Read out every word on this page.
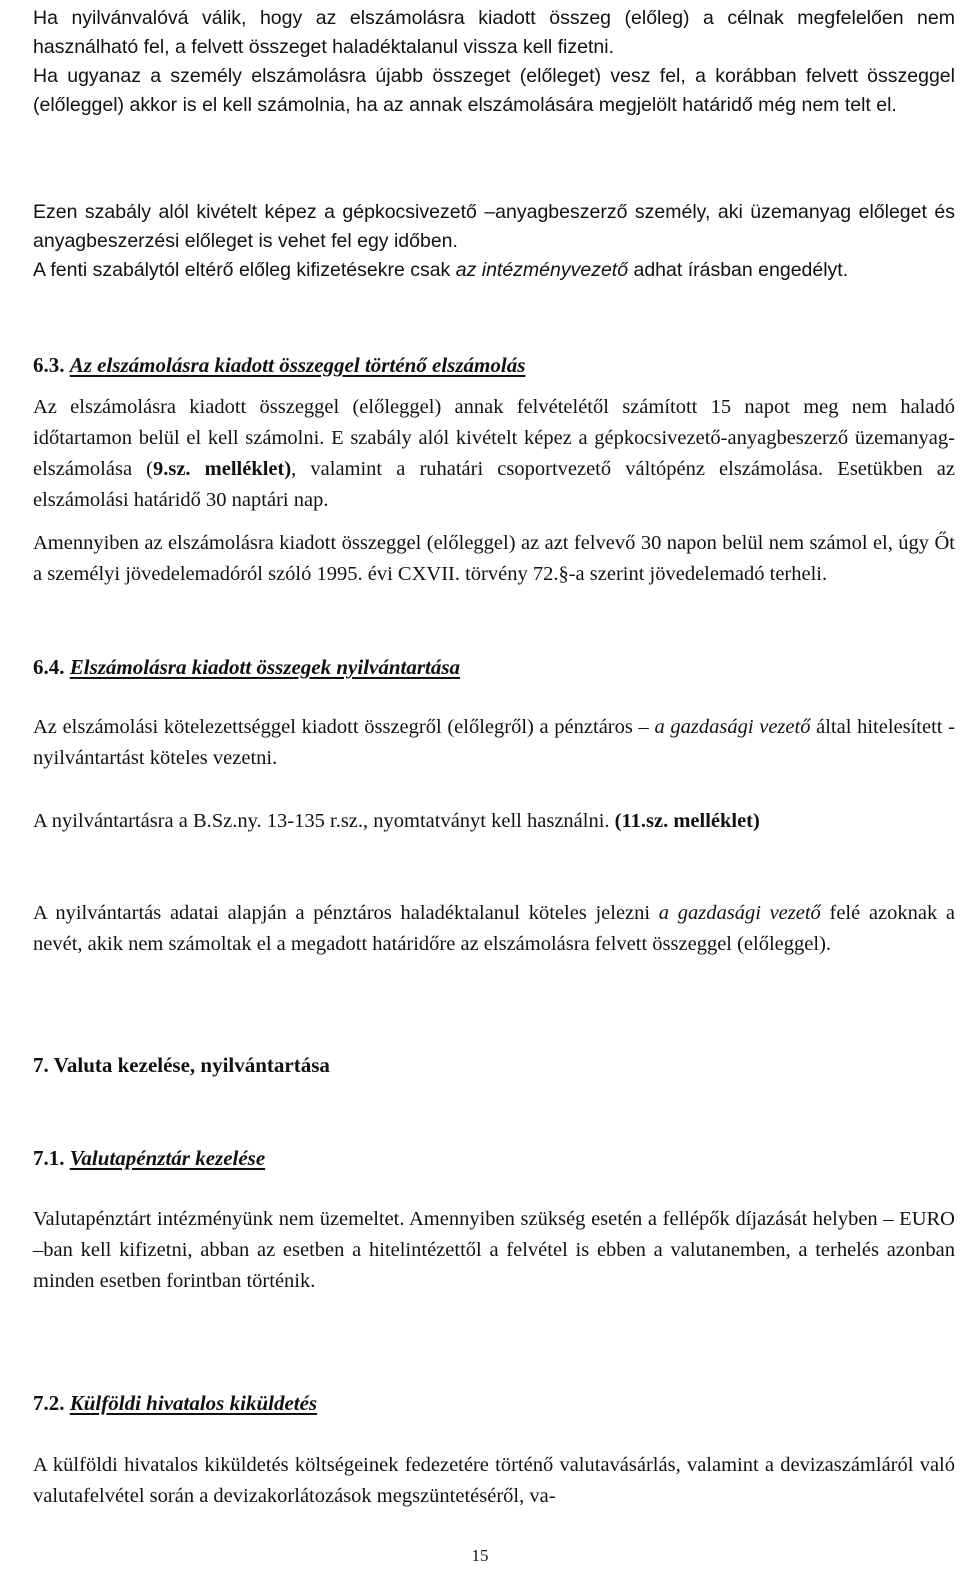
Ha nyilvánvalóvá válik, hogy az elszámolásra kiadott összeg (előleg) a célnak megfelelően nem használható fel, a felvett összeget haladéktalanul vissza kell fizetni.

Ha ugyanaz a személy elszámolásra újabb összeget (előleget) vesz fel, a korábban felvett összeggel (előleggel) akkor is el kell számolnia, ha az annak elszámolására megjelölt határidő még nem telt el.

Ezen szabály alól kivételt képez a gépkocsivezető –anyagbeszerző személy, aki üzemanyag előleget és anyagbeszerzési előleget is vehet fel egy időben.

A fenti szabálytól eltérő előleg kifizetésekre csak az intézményvezető adhat írásban engedélyt.

6.3. Az elszámolásra kiadott összeggel történő elszámolás

Az elszámolásra kiadott összeggel (előleggel) annak felvételétől számított 15 napot meg nem haladó időtartamon belül el kell számolni. E szabály alól kivételt képez a gépkocsivezető-anyagbeszerző üzemanyag-elszámolása (9.sz. melléklet), valamint a ruhatári csoportvezető váltópénz elszámolása. Esetükben az elszámolási határidő 30 naptári nap.

Amennyiben az elszámolásra kiadott összeggel (előleggel) az azt felvevő 30 napon belül nem számol el, úgy Őt a személyi jövedelemadóról szóló 1995. évi CXVII. törvény 72.§-a szerint jövedelemadó terheli.

6.4. Elszámolásra kiadott összegek nyilvántartása

Az elszámolási kötelezettséggel kiadott összegről (előlegről) a pénztáros – a gazdasági vezető által hitelesített - nyilvántartást köteles vezetni.

A nyilvántartásra a B.Sz.ny. 13-135 r.sz., nyomtatványt kell használni. (11.sz. melléklet)

A nyilvántartás adatai alapján a pénztáros haladéktalanul köteles jelezni a gazdasági vezető felé azoknak a nevét, akik nem számoltak el a megadott határidőre az elszámolásra felvett összeggel (előleggel).

7. Valuta kezelése, nyilvántartása

7.1. Valutapénztár kezelése

Valutapénztárt intézményünk nem üzemeltet. Amennyiben szükség esetén a fellépők díjazását helyben – EURO –ban kell kifizetni, abban az esetben a hitelintézettől a felvétel is ebben a valutanemben, a terhelés azonban minden esetben forintban történik.

7.2. Külföldi hivatalos kiküldetés

A külföldi hivatalos kiküldetés költségeinek fedezetére történő valutavásárlás, valamint a devizaszámláról való valutafelvétel során a devizakorlátozások megszüntetéséről, va-

15
